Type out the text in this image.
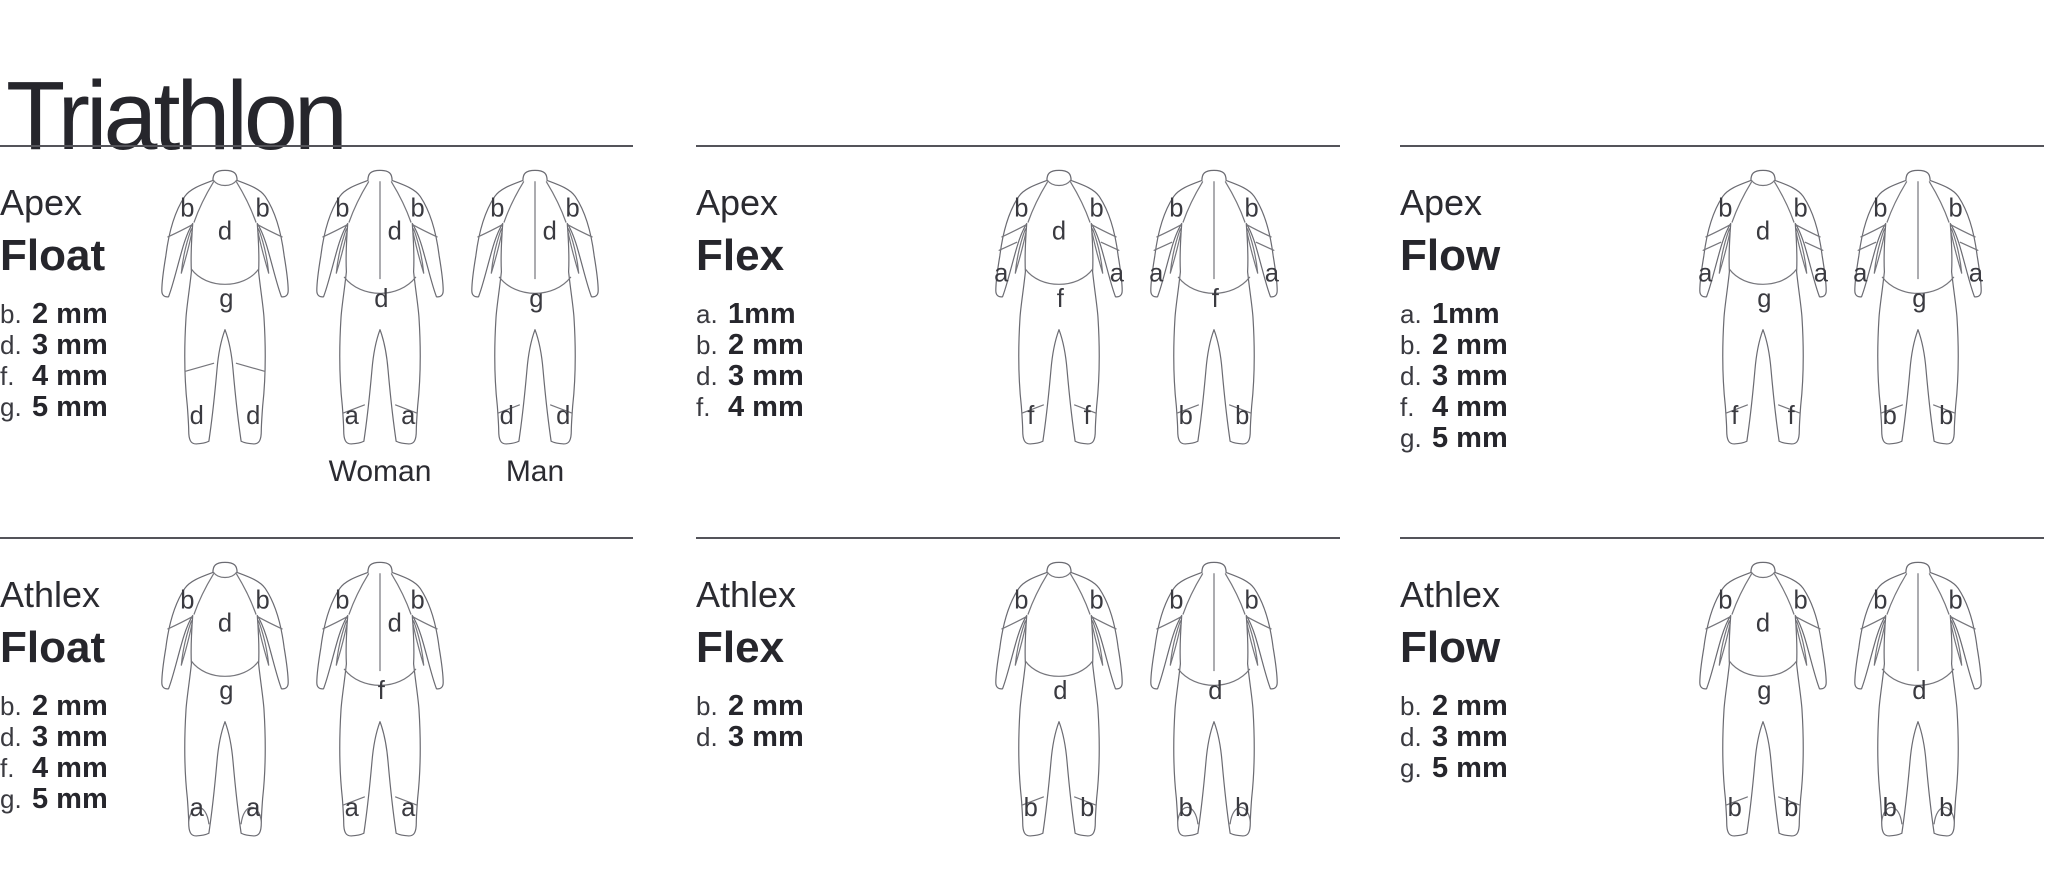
Triathlon
Apex
Float
b. 2 mm
d. 3 mm
f. 4 mm
g. 5 mm
b	b
d
g
d d
b	b
d
d
a a
Woman
b	b
d
g
d d
Man
Apex
Flex
a. 1mm
b. 2 mm
d. 3 mm
f. 4 mm
b	b
d
a	a
f
f	f
b	b
a	a
f
b b
Apex
Flow
a. 1mm
b. 2 mm
d. 3 mm
f. 4 mm
g. 5 mm
b	b
d
a	a
g
f	f
b	b
a	a
g
b b
Athlex
Float
b. 2 mm
d. 3 mm
f. 4 mm
g. 5 mm
b	b
d
g
a a
b	b
d
f
a a
Athlex
Flex
b. 2 mm
d. 3 mm
b	b
d
b b
b	b
d
b b
Athlex
Flow
b. 2 mm
d. 3 mm
g. 5 mm
b	b
d
g
b b
b	b
d
b b
